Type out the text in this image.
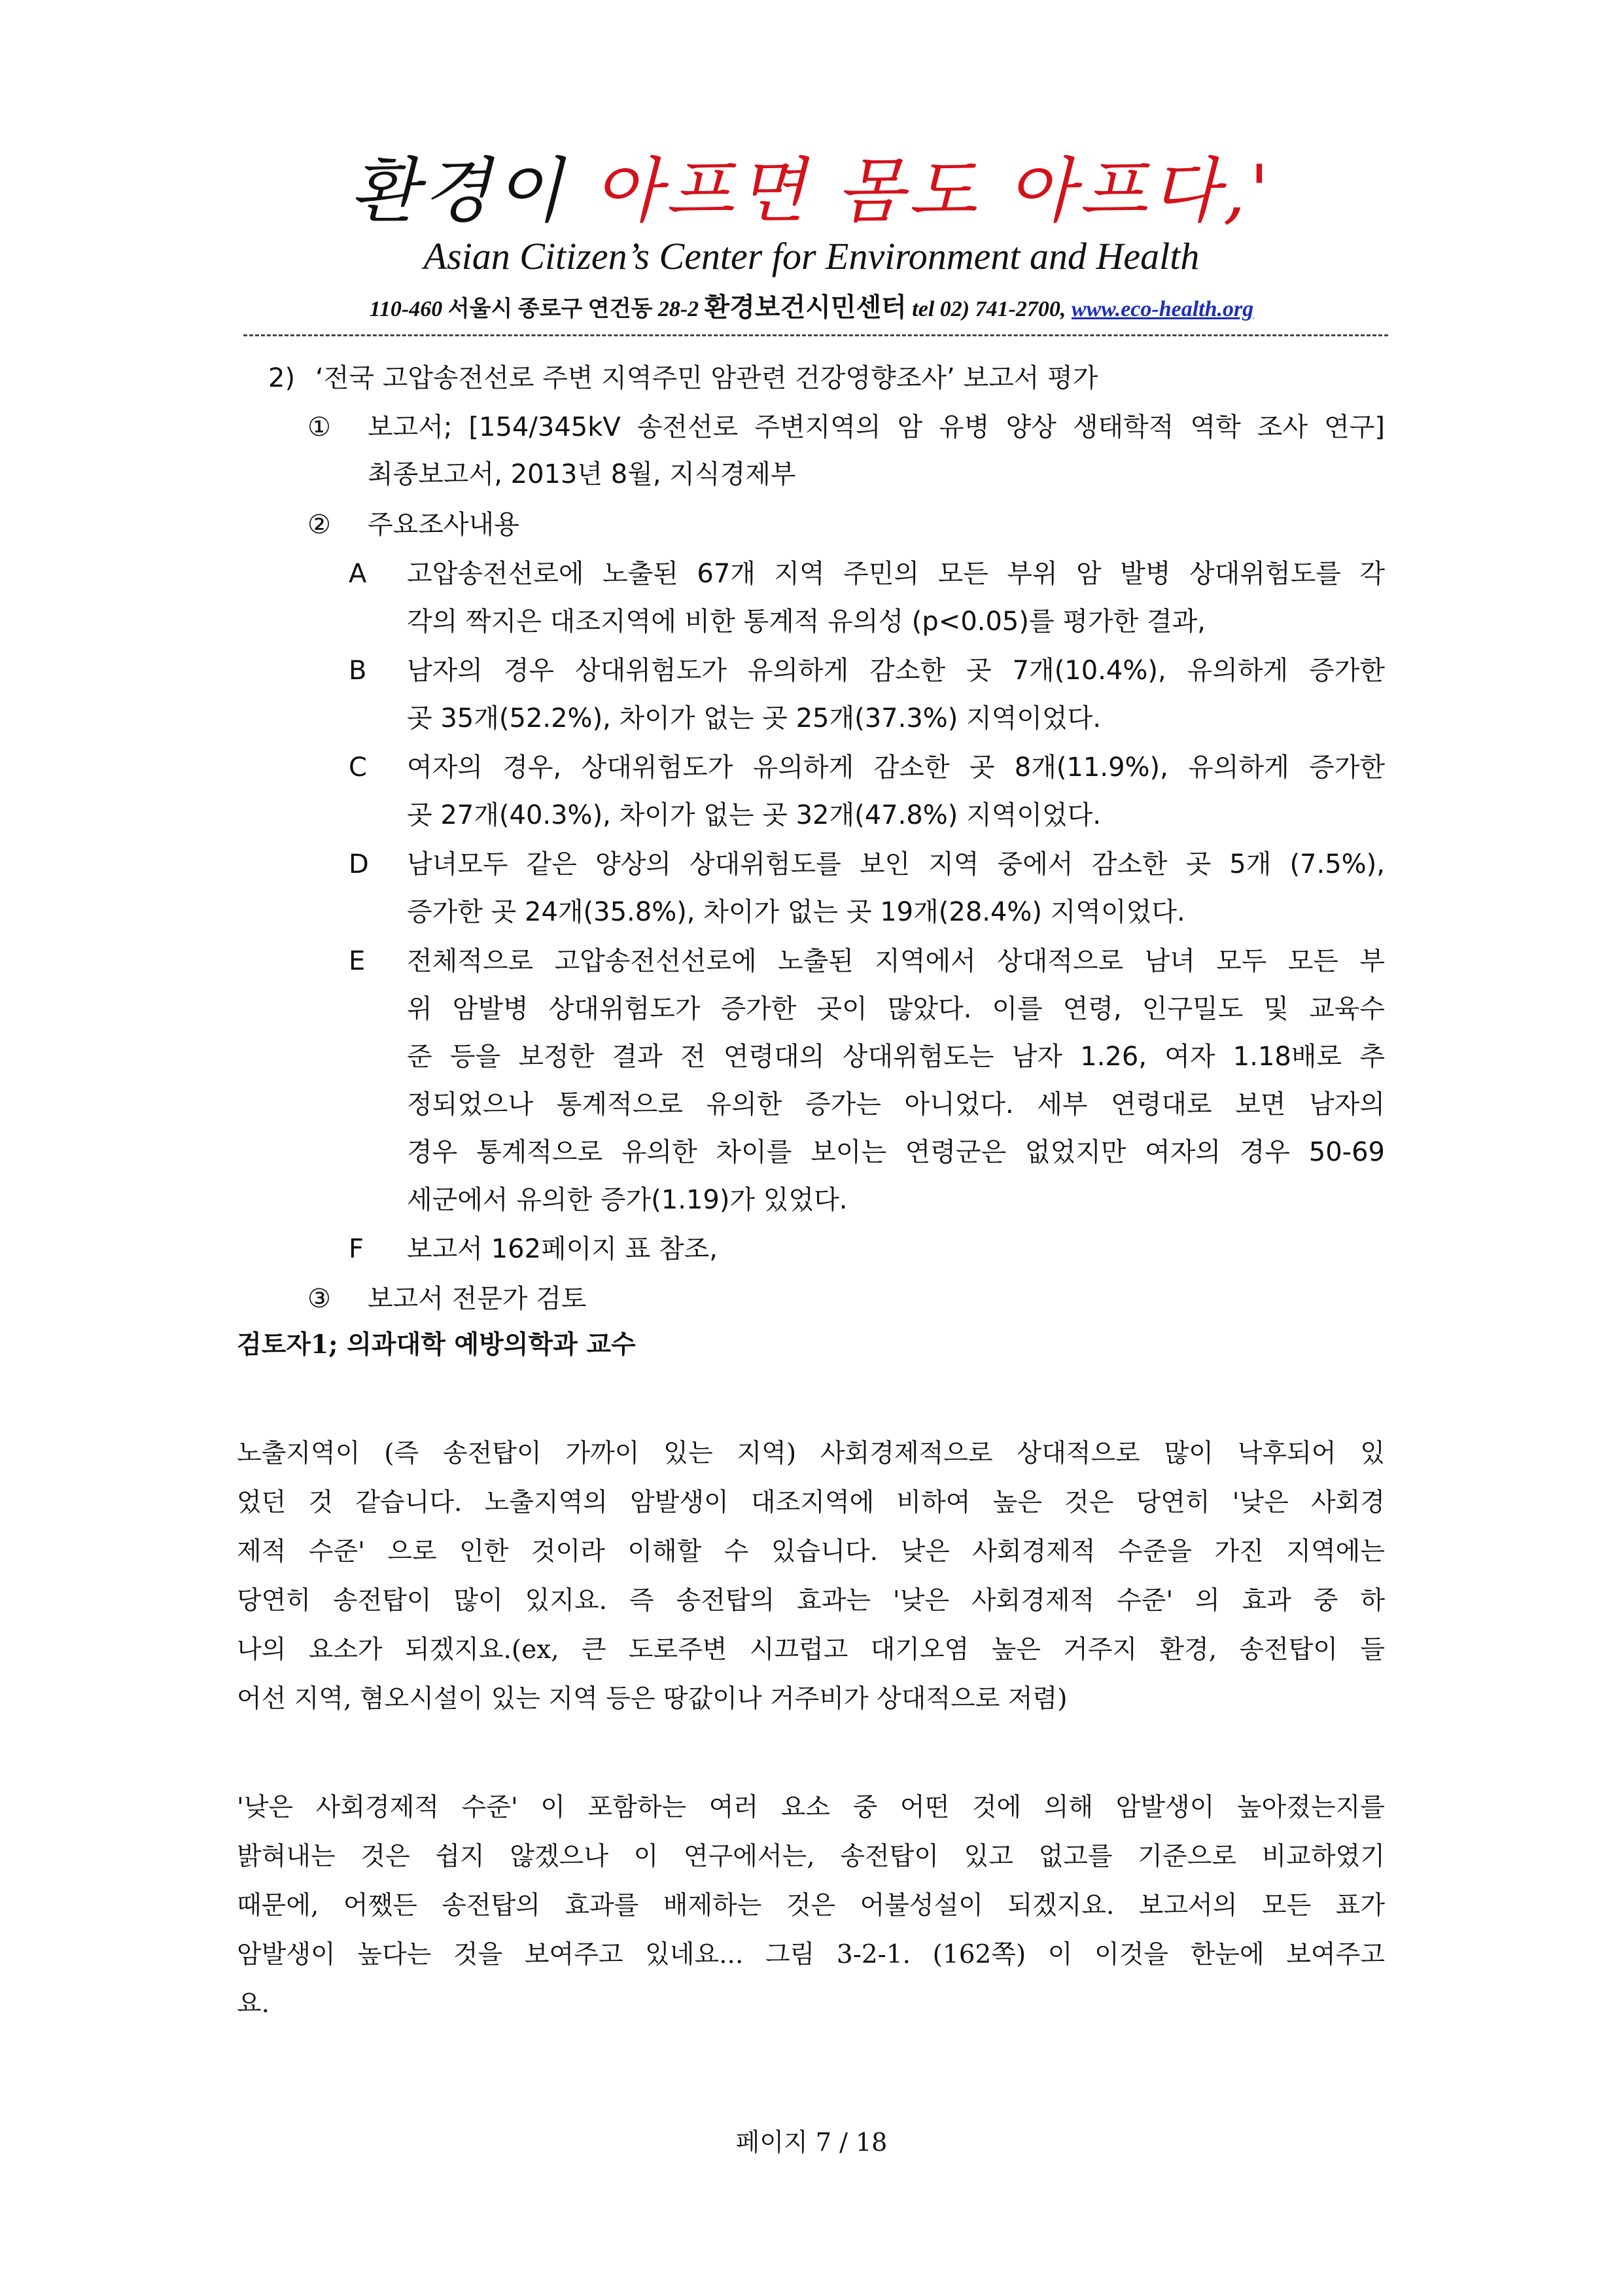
환경이 아프면 몸도 아프다,'
Asian Citizen’s Center for Environment and Health
110-460 서울시 종로구 연건동 28-2 환경보건시민센터 tel 02) 741-2700, www.eco-health.org
2) ‘전국 고압송전선로 주변 지역주민 암관련 건강영향조사’ 보고서 평가
① 보고서; [154/345kV 송전선로 주변지역의 암 유병 양상 생태학적 역학 조사 연구]
최종보고서, 2013년 8월, 지식경제부
② 주요조사내용
A 고압송전선로에 노출된 67개 지역 주민의 모든 부위 암 발병 상대위험도를 각
각의 짝지은 대조지역에 비한 통계적 유의성 (p<0.05)를 평가한 결과,
B 남자의 경우 상대위험도가 유의하게 감소한 곳 7개(10.4%), 유의하게 증가한
곳 35개(52.2%), 차이가 없는 곳 25개(37.3%) 지역이었다.
C 여자의 경우, 상대위험도가 유의하게 감소한 곳 8개(11.9%), 유의하게 증가한
곳 27개(40.3%), 차이가 없는 곳 32개(47.8%) 지역이었다.
D 남녀모두 같은 양상의 상대위험도를 보인 지역 중에서 감소한 곳 5개 (7.5%),
증가한 곳 24개(35.8%), 차이가 없는 곳 19개(28.4%) 지역이었다.
E 전체적으로 고압송전선선로에 노출된 지역에서 상대적으로 남녀 모두 모든 부
위 암발병 상대위험도가 증가한 곳이 많았다. 이를 연령, 인구밀도 및 교육수
준 등을 보정한 결과 전 연령대의 상대위험도는 남자 1.26, 여자 1.18배로 추
정되었으나 통계적으로 유의한 증가는 아니었다. 세부 연령대로 보면 남자의
경우 통계적으로 유의한 차이를 보이는 연령군은 없었지만 여자의 경우 50-69
세군에서 유의한 증가(1.19)가 있었다.
F 보고서 162페이지 표 참조,
③ 보고서 전문가 검토
검토자1; 의과대학 예방의학과 교수
노출지역이 (즉 송전탑이 가까이 있는 지역) 사회경제적으로 상대적으로 많이 낙후되어 있
었던 것 같습니다. 노출지역의 암발생이 대조지역에 비하여 높은 것은 당연히 '낮은 사회경
제적 수준' 으로 인한 것이라 이해할 수 있습니다. 낮은 사회경제적 수준을 가진 지역에는
당연히 송전탑이 많이 있지요. 즉 송전탑의 효과는 '낮은 사회경제적 수준' 의 효과 중 하
나의 요소가 되겠지요.(ex, 큰 도로주변 시끄럽고 대기오염 높은 거주지 환경, 송전탑이 들
어선 지역, 혐오시설이 있는 지역 등은 땅값이나 거주비가 상대적으로 저렴)
'낮은 사회경제적 수준' 이 포함하는 여러 요소 중 어떤 것에 의해 암발생이 높아졌는지를
밝혀내는 것은 쉽지 않겠으나 이 연구에서는, 송전탑이 있고 없고를 기준으로 비교하였기
때문에, 어쨌든 송전탑의 효과를 배제하는 것은 어불성설이 되겠지요. 보고서의 모든 표가
암발생이 높다는 것을 보여주고 있네요... 그림 3-2-1. (162쪽) 이 이것을 한눈에 보여주고
요.
페이지 7 / 18
